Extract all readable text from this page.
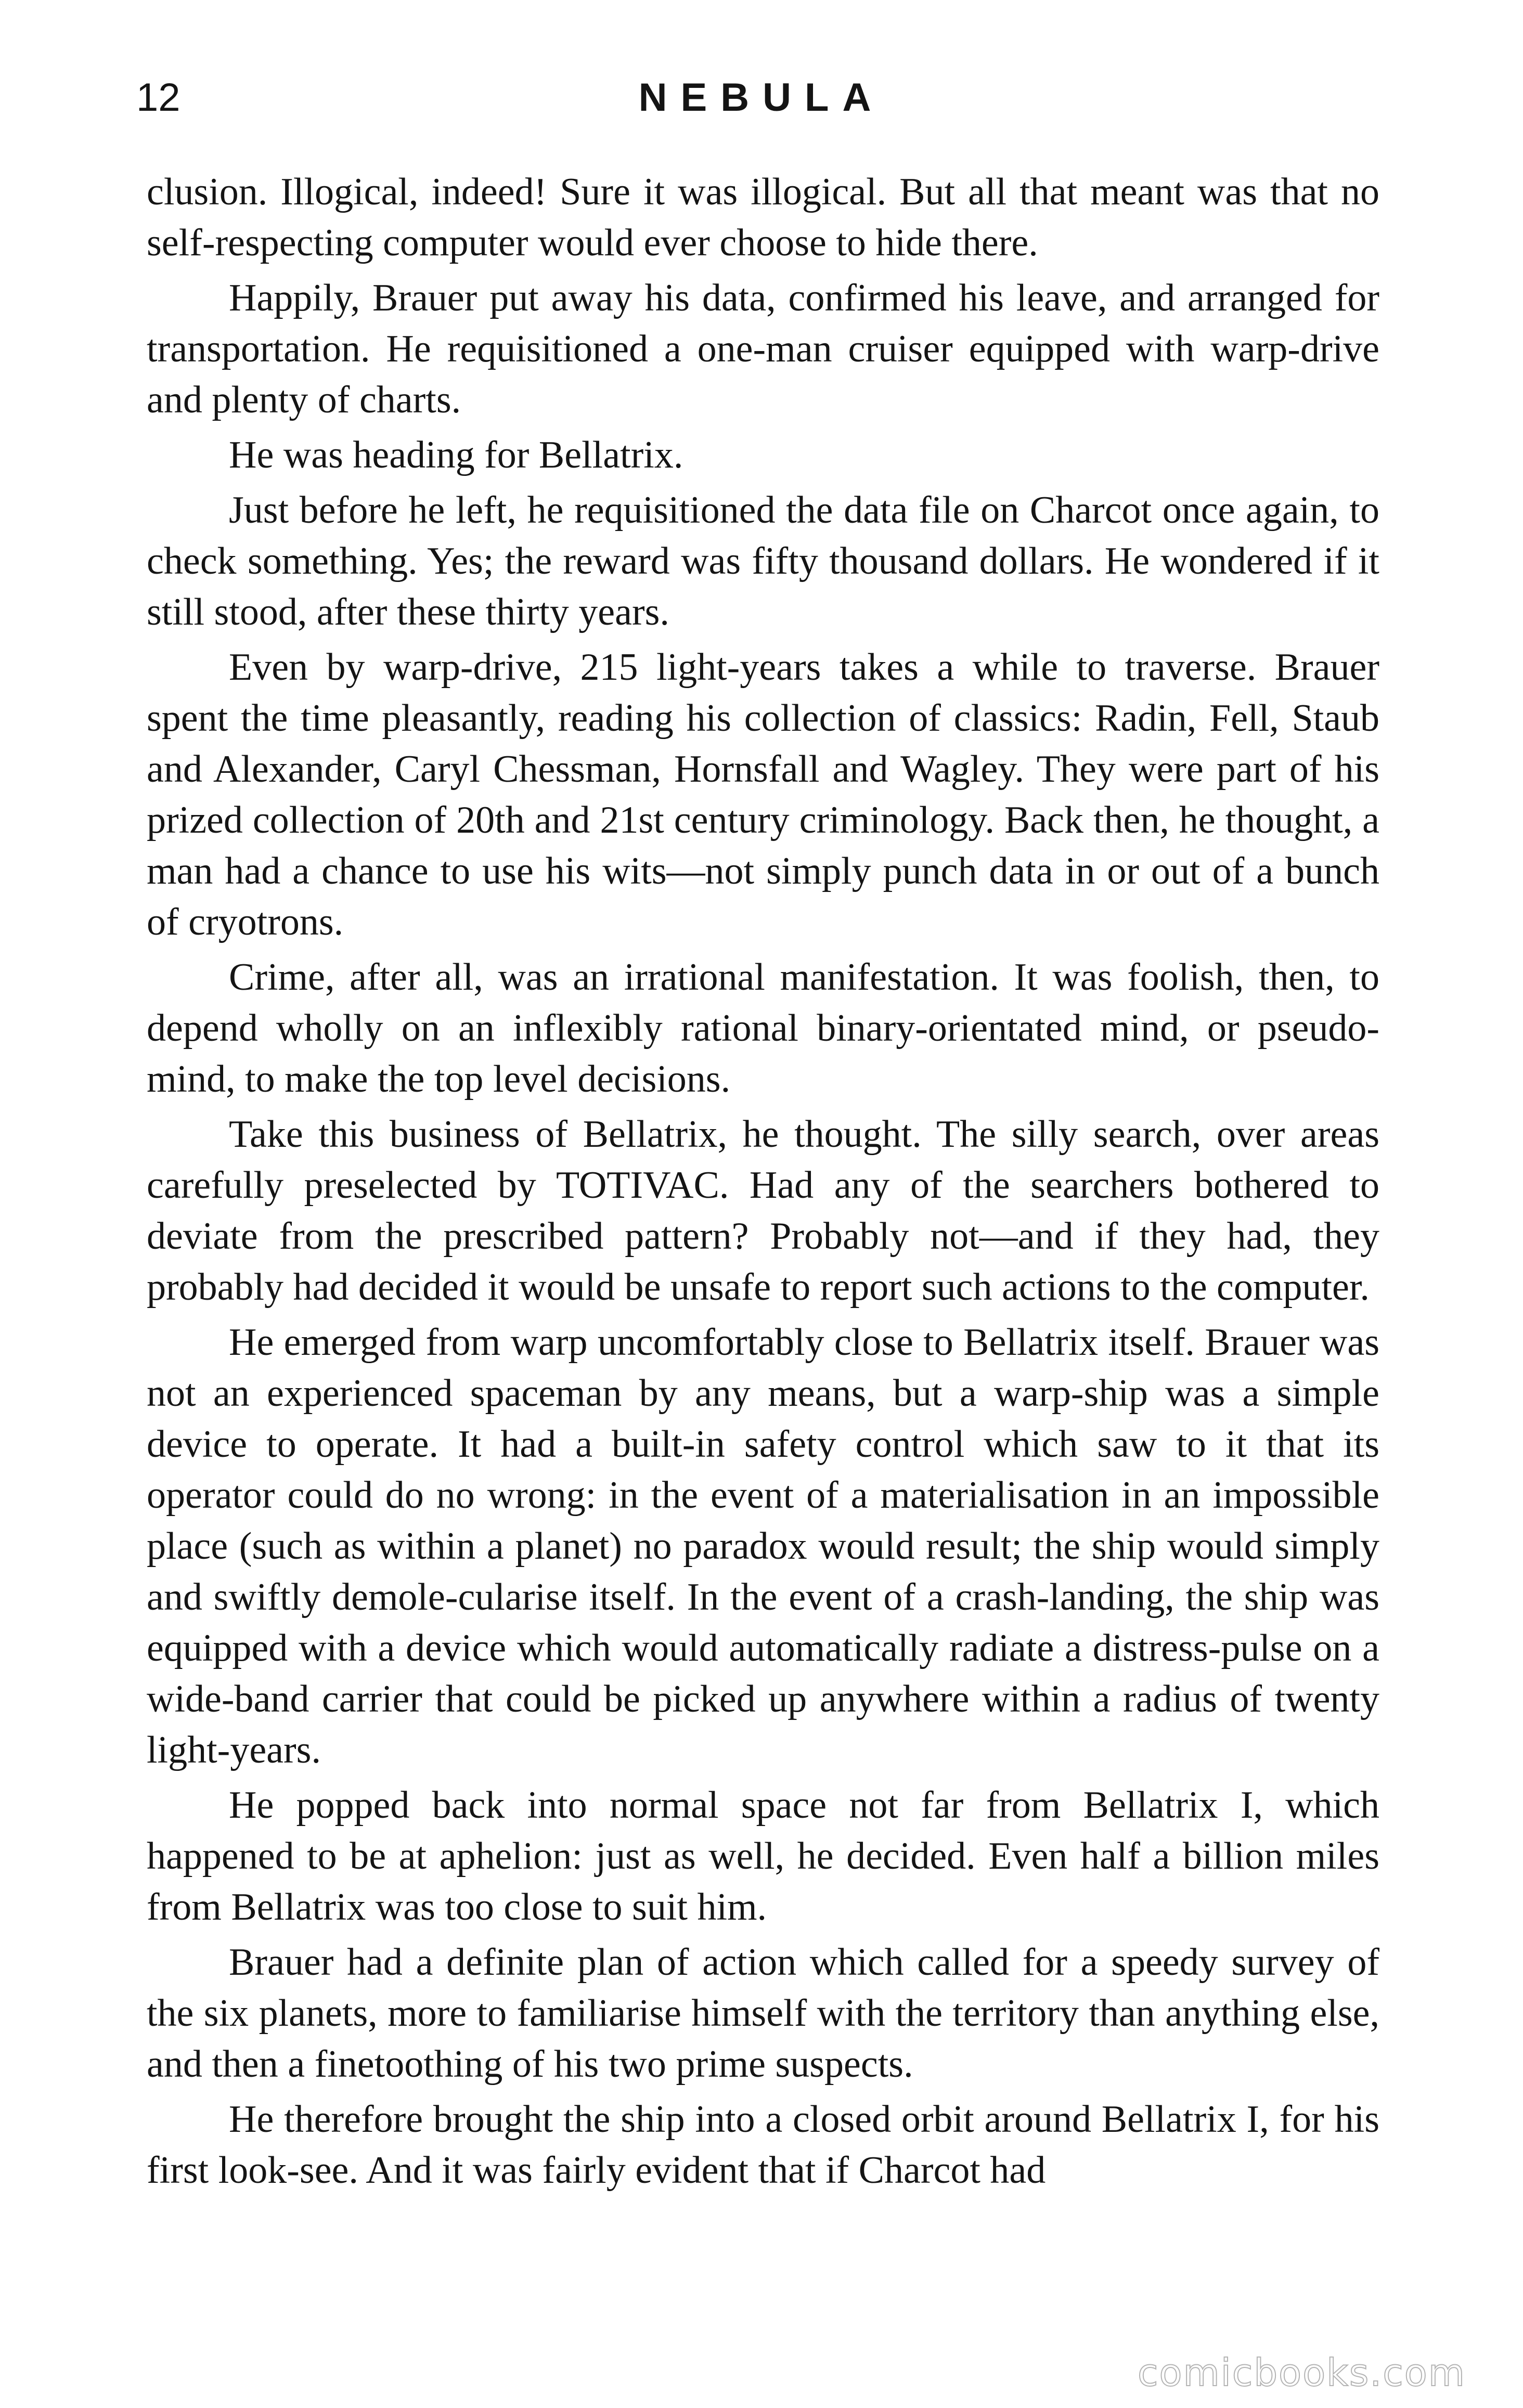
12	NEBULA

clusion. Illogical, indeed! Sure it was illogical. But all that meant was that no self-respecting computer would ever choose to hide there.

Happily, Brauer put away his data, confirmed his leave, and arranged for transportation. He requisitioned a one-man cruiser equipped with warp-drive and plenty of charts.

He was heading for Bellatrix.

Just before he left, he requisitioned the data file on Charcot once again, to check something. Yes; the reward was fifty thousand dollars. He wondered if it still stood, after these thirty years.

Even by warp-drive, 215 light-years takes a while to traverse. Brauer spent the time pleasantly, reading his collection of classics: Radin, Fell, Staub and Alexander, Caryl Chessman, Hornsfall and Wagley. They were part of his prized collection of 20th and 21st century criminology. Back then, he thought, a man had a chance to use his wits—not simply punch data in or out of a bunch of cryotrons.

Crime, after all, was an irrational manifestation. It was foolish, then, to depend wholly on an inflexibly rational binary-orientated mind, or pseudo-mind, to make the top level decisions.

Take this business of Bellatrix, he thought. The silly search, over areas carefully preselected by TOTIVAC. Had any of the searchers bothered to deviate from the prescribed pattern? Probably not—and if they had, they probably had decided it would be unsafe to report such actions to the computer.

He emerged from warp uncomfortably close to Bellatrix itself. Brauer was not an experienced spaceman by any means, but a warp-ship was a simple device to operate. It had a built-in safety control which saw to it that its operator could do no wrong: in the event of a materialisation in an impossible place (such as within a planet) no paradox would result; the ship would simply and swiftly demole-cularise itself. In the event of a crash-landing, the ship was equipped with a device which would automatically radiate a distress-pulse on a wide-band carrier that could be picked up anywhere within a radius of twenty light-years.

He popped back into normal space not far from Bellatrix I, which happened to be at aphelion: just as well, he decided. Even half a billion miles from Bellatrix was too close to suit him.

Brauer had a definite plan of action which called for a speedy survey of the six planets, more to familiarise himself with the territory than anything else, and then a finetoothing of his two prime suspects.

He therefore brought the ship into a closed orbit around Bellatrix I, for his first look-see. And it was fairly evident that if Charcot had

comicbooks.com
